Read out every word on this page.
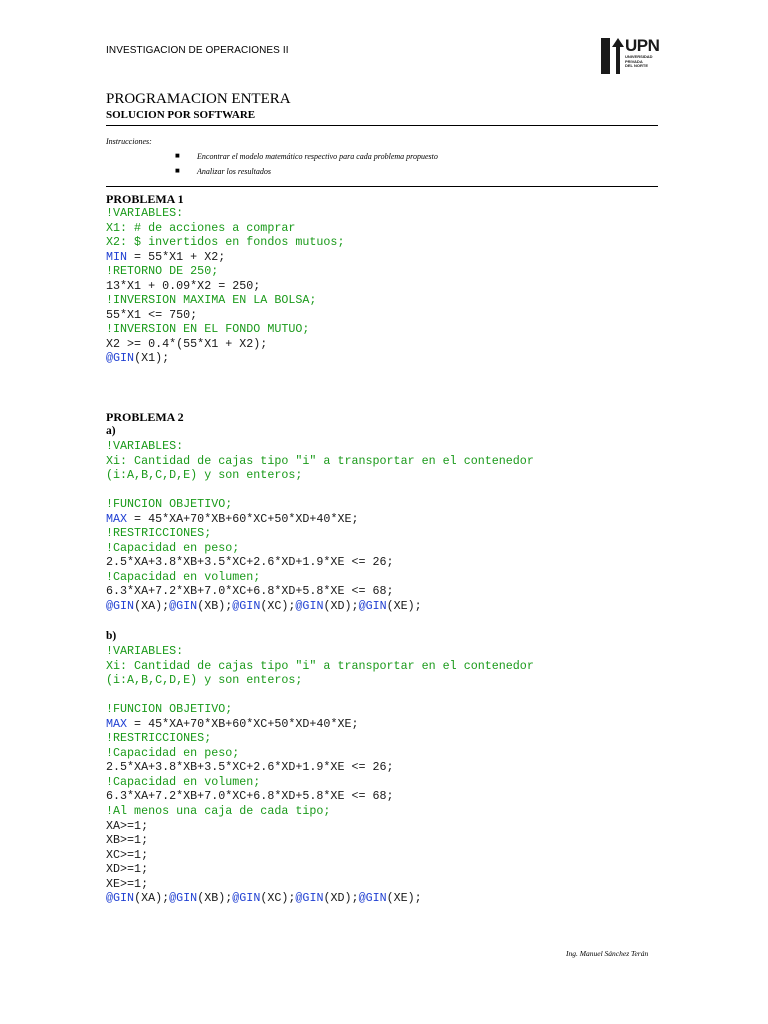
INVESTIGACION DE OPERACIONES II	UPN
UNIVERSIDAD
PRIVADA
DEL NORTE
PROGRAMACION ENTERA
SOLUCION POR SOFTWARE
Instrucciones:
■ Encontrar el modelo matemático respectivo para cada problema propuesto
■ Analizar los resultados
PROBLEMA 1
!VARIABLES:
X1: # de acciones a comprar
X2: $ invertidos en fondos mutuos;
MIN = 55*X1 + X2;
!RETORNO DE 250;
13*X1 + 0.09*X2 = 250;
!INVERSION MAXIMA EN LA BOLSA;
55*X1 <= 750;
!INVERSION EN EL FONDO MUTUO;
X2 >= 0.4*(55*X1 + X2);
@GIN(X1);
PROBLEMA 2
a)
!VARIABLES:
Xi: Cantidad de cajas tipo "i" a transportar en el contenedor
(i:A,B,C,D,E) y son enteros;

!FUNCION OBJETIVO;
MAX = 45*XA+70*XB+60*XC+50*XD+40*XE;
!RESTRICCIONES;
!Capacidad en peso;
2.5*XA+3.8*XB+3.5*XC+2.6*XD+1.9*XE <= 26;
!Capacidad en volumen;
6.3*XA+7.2*XB+7.0*XC+6.8*XD+5.8*XE <= 68;
@GIN(XA);@GIN(XB);@GIN(XC);@GIN(XD);@GIN(XE);
b)
!VARIABLES:
Xi: Cantidad de cajas tipo "i" a transportar en el contenedor
(i:A,B,C,D,E) y son enteros;

!FUNCION OBJETIVO;
MAX = 45*XA+70*XB+60*XC+50*XD+40*XE;
!RESTRICCIONES;
!Capacidad en peso;
2.5*XA+3.8*XB+3.5*XC+2.6*XD+1.9*XE <= 26;
!Capacidad en volumen;
6.3*XA+7.2*XB+7.0*XC+6.8*XD+5.8*XE <= 68;
!Al menos una caja de cada tipo;
XA>=1;
XB>=1;
XC>=1;
XD>=1;
XE>=1;
@GIN(XA);@GIN(XB);@GIN(XC);@GIN(XD);@GIN(XE);
Ing. Manuel Sánchez Terán
